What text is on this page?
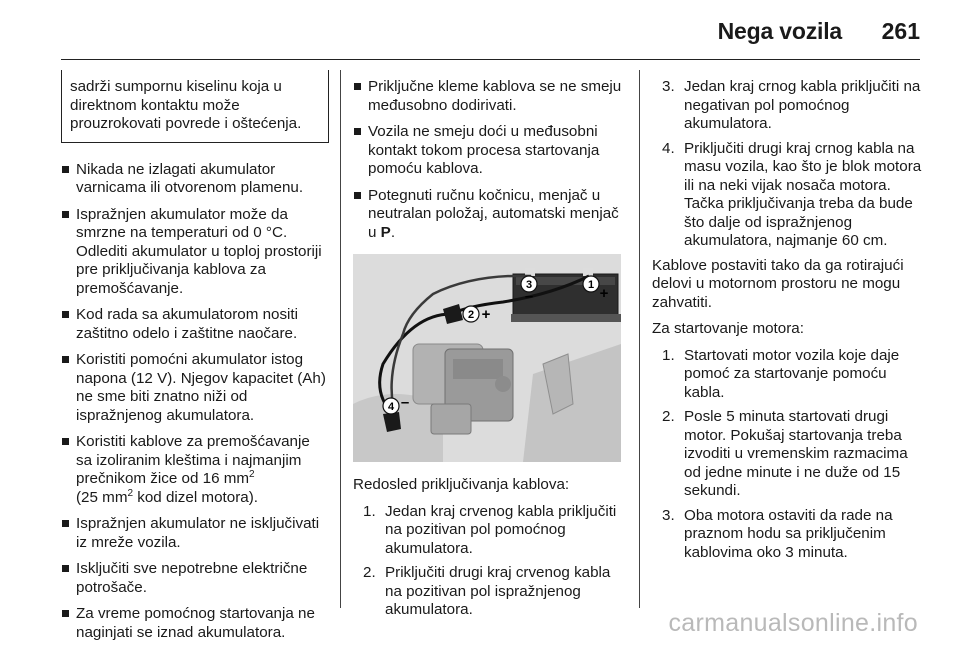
Nega vozila 261
sadrži sumpornu kiselinu koja u direktnom kontaktu može prouzrokovati povrede i oštećenja.
Nikada ne izlagati akumulator varnicama ili otvorenom plamenu.
Ispražnjen akumulator može da smrzne na temperaturi od 0 °C. Odlediti akumulator u toploj prostoriji pre priključivanja kablova za premošćavanje.
Kod rada sa akumulatorom nositi zaštitno odelo i zaštitne naočare.
Koristiti pomoćni akumulator istog napona (12 V). Njegov kapacitet (Ah) ne sme biti znatno niži od ispražnjenog akumulatora.
Koristiti kablove za premošćavanje sa izoliranim kleštima i najmanjim prečnikom žice od 16 $mm^2$
(25 $mm^2$ kod dizel motora).
Ispražnjen akumulator ne isključivati iz mreže vozila.
Isključiti sve nepotrebne električne potrošače.
Za vreme pomoćnog startovanja ne naginjati se iznad akumulatora.
Priključne kleme kablova se ne smeju međusobno dodirivati.
Vozila ne smeju doći u međusobni kontakt tokom procesa startovanja pomoću kablova.
Potegnuti ručnu kočnicu, menjač u neutralan položaj, automatski menjač u P.
1 +
3
–
2 +
4 –

Redosled priključivanja kablova:

1. Jedan kraj crvenog kabla priključiti na pozitivan pol pomoćnog akumulatora.
2. Priključiti drugi kraj crvenog kabla na pozitivan pol ispražnjenog akumulatora.
3. Jedan kraj crnog kabla priključiti na negativan pol pomoćnog akumulatora.
4. Priključiti drugi kraj crnog kabla na masu vozila, kao što je blok motora ili na neki vijak nosača motora. Tačka priključivanja treba da bude što dalje od ispražnjenog akumulatora, najmanje 60 cm.

Kablove postaviti tako da ga rotirajući delovi u motornom prostoru ne mogu zahvatiti.

Za startovanje motora:

1. Startovati motor vozila koje daje pomoć za startovanje pomoću kabla.
2. Posle 5 minuta startovati drugi motor. Pokušaj startovanja treba izvoditi u vremenskim razmacima od jedne minute i ne duže od 15 sekundi.
3. Oba motora ostaviti da rade na praznom hodu sa priključenim kablovima oko 3 minuta.
carmanualsonline.info
